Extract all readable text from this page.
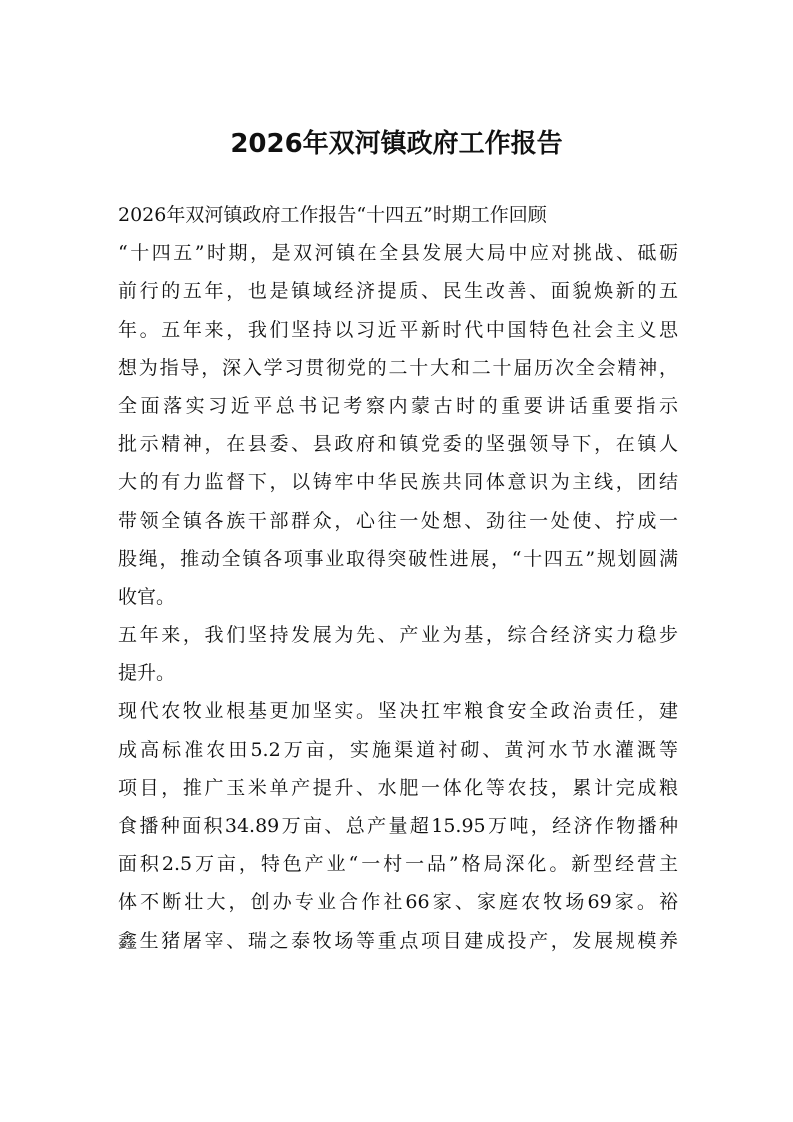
2026年双河镇政府工作报告
2026年双河镇政府工作报告“十四五”时期工作回顾
“十四五”时期，是双河镇在全县发展大局中应对挑战、砥砺
前行的五年，也是镇域经济提质、民生改善、面貌焕新的五
年。五年来，我们坚持以习近平新时代中国特色社会主义思
想为指导，深入学习贯彻党的二十大和二十届历次全会精神，
全面落实习近平总书记考察内蒙古时的重要讲话重要指示
批示精神，在县委、县政府和镇党委的坚强领导下，在镇人
大的有力监督下，以铸牢中华民族共同体意识为主线，团结
带领全镇各族干部群众，心往一处想、劲往一处使、拧成一
股绳，推动全镇各项事业取得突破性进展，“十四五”规划圆满
收官。
五年来，我们坚持发展为先、产业为基，综合经济实力稳步
提升。
现代农牧业根基更加坚实。坚决扛牢粮食安全政治责任，建
成高标准农田5.2万亩，实施渠道衬砌、黄河水节水灌溉等
项目，推广玉米单产提升、水肥一体化等农技，累计完成粮
食播种面积34.89万亩、总产量超15.95万吨，经济作物播种
面积2.5万亩，特色产业“一村一品”格局深化。新型经营主
体不断壮大，创办专业合作社66家、家庭农牧场69家。裕
鑫生猪屠宰、瑞之泰牧场等重点项目建成投产，发展规模养
